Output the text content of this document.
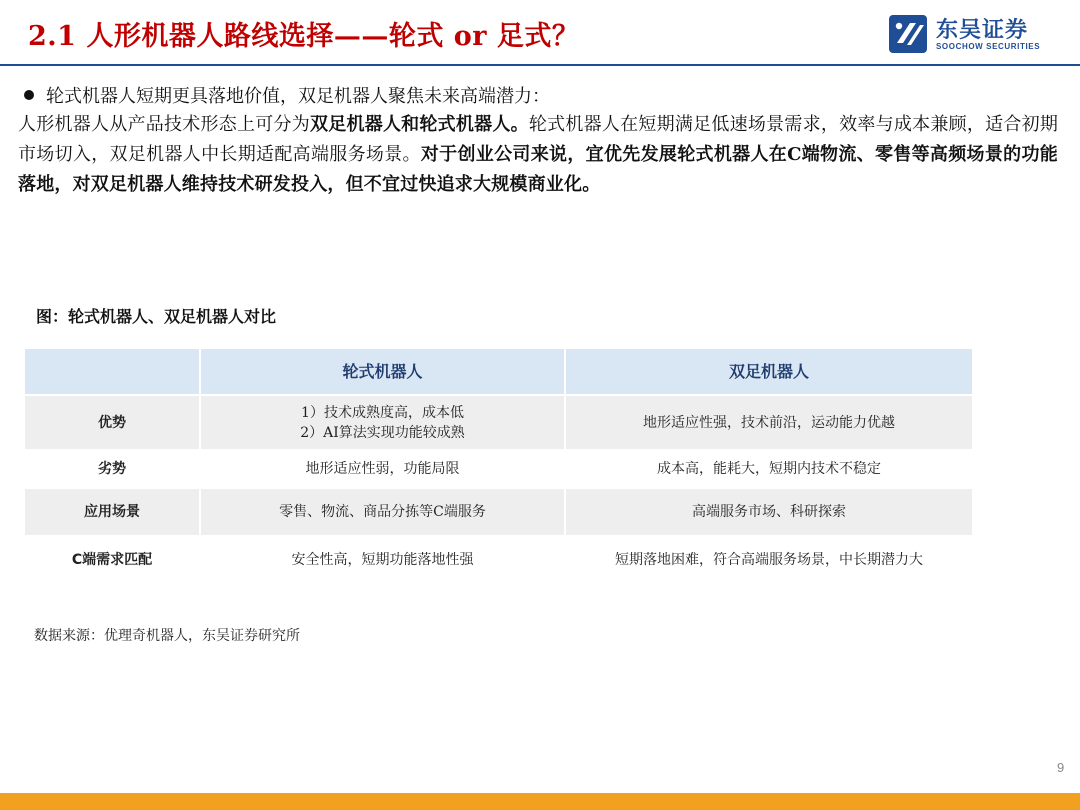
2.1 人形机器人路线选择——轮式 or 足式？	东吴证券
SOOCHOW SECURITIES
轮式机器人短期更具落地价值，双足机器人聚焦未来高端潜力：
人形机器人从产品技术形态上可分为双足机器人和轮式机器人。轮式机器人在短期满足低速场景需求，效率与成本兼顾，适合初期市场切入，双足机器人中长期适配高端服务场景。对于创业公司来说，宜优先发展轮式机器人在C端物流、零售等高频场景的功能落地，对双足机器人维持技术研发投入，但不宜过快追求大规模商业化。
图：轮式机器人、双足机器人对比
	轮式机器人	双足机器人
优势	1）技术成熟度高，成本低
2）AI算法实现功能较成熟	地形适应性强，技术前沿，运动能力优越
劣势	地形适应性弱，功能局限	成本高，能耗大，短期内技术不稳定
应用场景	零售、物流、商品分拣等C端服务	高端服务市场、科研探索
C端需求匹配	安全性高，短期功能落地性强	短期落地困难，符合高端服务场景，中长期潜力大
数据来源：优理奇机器人，东吴证券研究所
9
